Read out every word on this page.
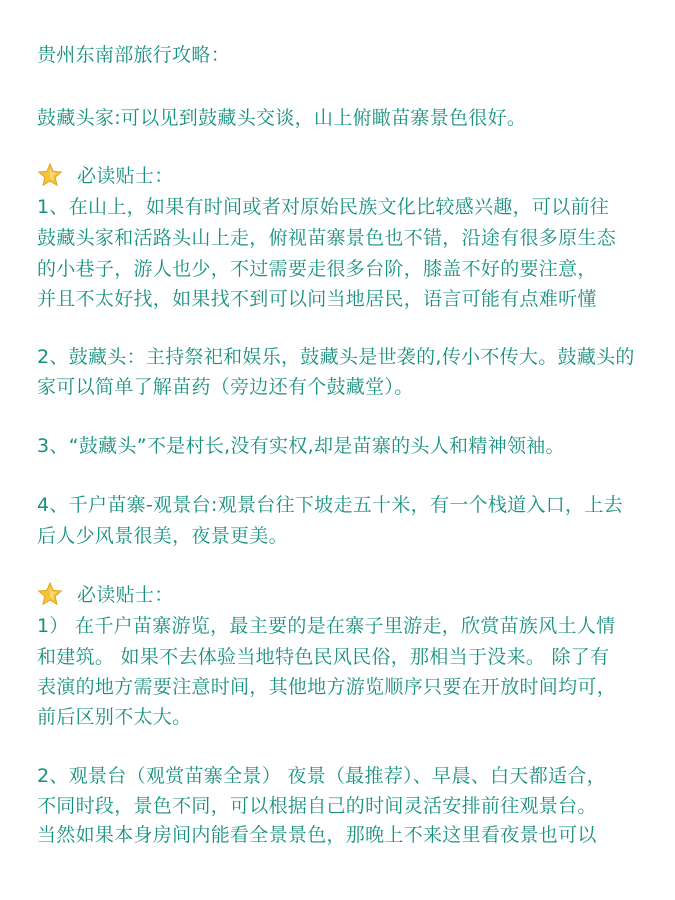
贵州东南部旅行攻略：
鼓藏头家:可以见到鼓藏头交谈，山上俯瞰苗寨景色很好。
必读贴士：
1、在山上，如果有时间或者对原始民族文化比较感兴趣，可以前往
鼓藏头家和活路头山上走，俯视苗寨景色也不错，沿途有很多原生态
的小巷子，游人也少，不过需要走很多台阶，膝盖不好的要注意，
并且不太好找，如果找不到可以问当地居民，语言可能有点难听懂
2、鼓藏头：主持祭祀和娱乐，鼓藏头是世袭的,传小不传大。鼓藏头的
家可以简单了解苗药（旁边还有个鼓藏堂）。
3、“鼓藏头”不是村长,没有实权,却是苗寨的头人和精神领袖。
4、千户苗寨-观景台:观景台往下坡走五十米，有一个栈道入口，上去
后人少风景很美，夜景更美。
必读贴士：
1） 在千户苗寨游览，最主要的是在寨子里游走，欣赏苗族风土人情
和建筑。 如果不去体验当地特色民风民俗，那相当于没来。 除了有
表演的地方需要注意时间，其他地方游览顺序只要在开放时间均可，
前后区别不太大。
2、观景台（观赏苗寨全景） 夜景（最推荐）、早晨、白天都适合，
不同时段，景色不同，可以根据自己的时间灵活安排前往观景台。
当然如果本身房间内能看全景景色，那晚上不来这里看夜景也可以
